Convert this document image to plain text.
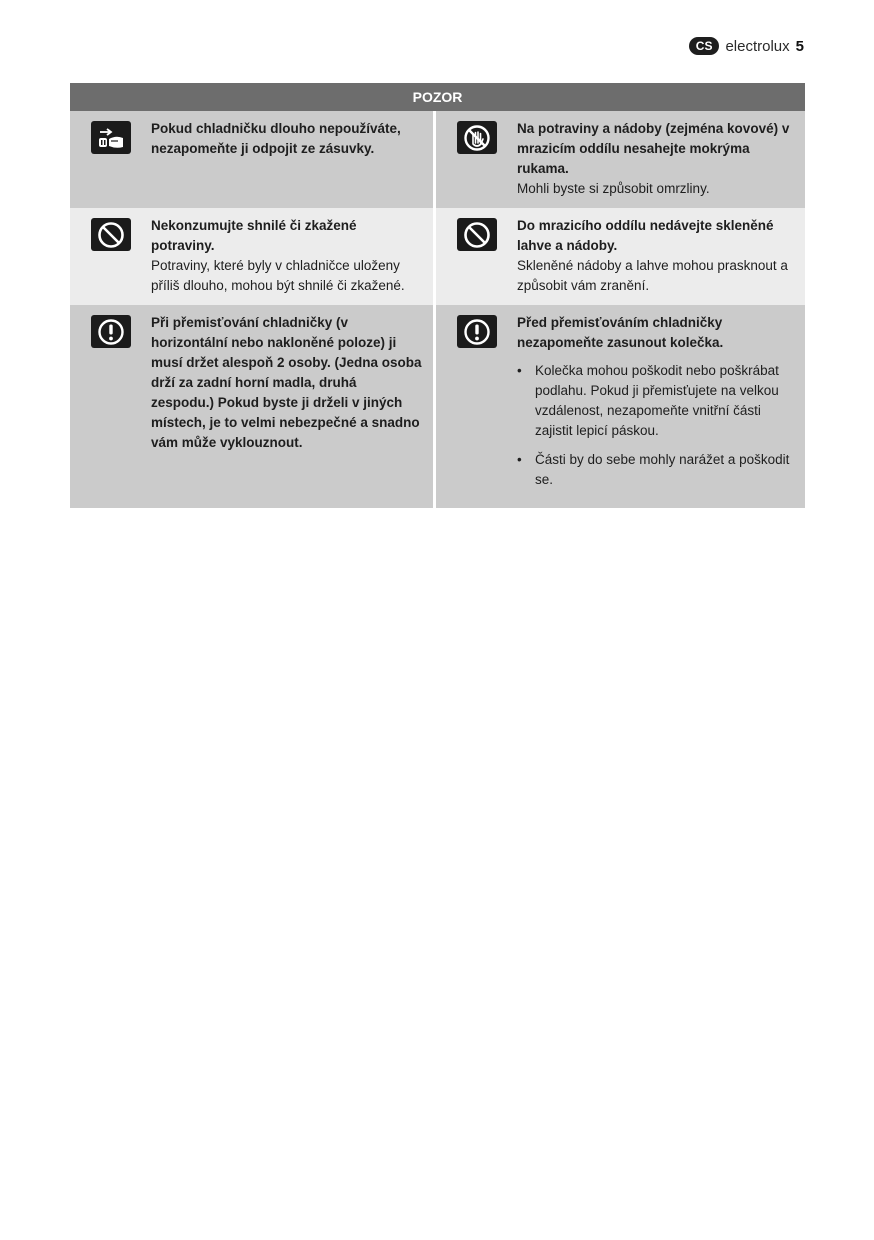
CS electrolux 5
POZOR
Pokud chladničku dlouho nepoužíváte, nezapomeňte ji odpojit ze zásuvky.
Na potraviny a nádoby (zejména kovové) v mrazicím oddílu nesahejte mokrýma rukama.
Mohli byste si způsobit omrzliny.
Nekonzumujte shnilé či zkažené potraviny.
Potraviny, které byly v chladničce uloženy příliš dlouho, mohou být shnilé či zkažené.
Do mrazicího oddílu nedávejte skleněné lahve a nádoby.
Skleněné nádoby a lahve mohou prasknout a způsobit vám zranění.
Při přemisťování chladničky (v horizontální nebo nakloněné poloze) ji musí držet alespoň 2 osoby. (Jedna osoba drží za zadní horní madla, druhá zespodu.) Pokud byste ji drželi v jiných místech, je to velmi nebezpečné a snadno vám může vyklouznout.
Před přemisťováním chladničky nezapomeňte zasunout kolečka.
• Kolečka mohou poškodit nebo poškrábat podlahu. Pokud ji přemisťujete na velkou vzdálenost, nezapomeňte vnitřní části zajistit lepicí páskou.
• Části by do sebe mohly narážet a poškodit se.
